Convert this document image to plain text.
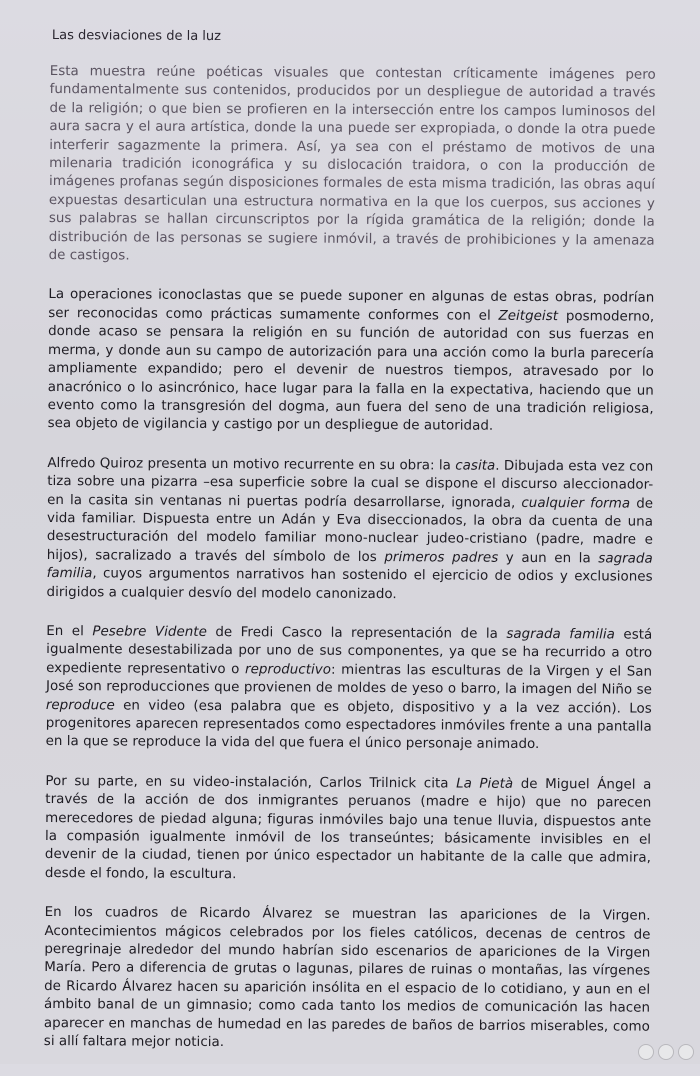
Las desviaciones de la luz

Esta muestra reúne poéticas visuales que contestan críticamente imágenes pero fundamentalmente sus contenidos, producidos por un despliegue de autoridad a través de la religión; o que bien se profieren en la intersección entre los campos luminosos del aura sacra y el aura artística, donde la una puede ser expropiada, o donde la otra puede interferir sagazmente la primera. Así, ya sea con el préstamo de motivos de una milenaria tradición iconográfica y su dislocación traidora, o con la producción de imágenes profanas según disposiciones formales de esta misma tradición, las obras aquí expuestas desarticulan una estructura normativa en la que los cuerpos, sus acciones y sus palabras se hallan circunscriptos por la rígida gramática de la religión; donde la distribución de las personas se sugiere inmóvil, a través de prohibiciones y la amenaza de castigos.

La operaciones iconoclastas que se puede suponer en algunas de estas obras, podrían ser reconocidas como prácticas sumamente conformes con el Zeitgeist posmoderno, donde acaso se pensara la religión en su función de autoridad con sus fuerzas en merma, y donde aun su campo de autorización para una acción como la burla parecería ampliamente expandido; pero el devenir de nuestros tiempos, atravesado por lo anacrónico o lo asincrónico, hace lugar para la falla en la expectativa, haciendo que un evento como la transgresión del dogma, aun fuera del seno de una tradición religiosa, sea objeto de vigilancia y castigo por un despliegue de autoridad.

Alfredo Quiroz presenta un motivo recurrente en su obra: la casita. Dibujada esta vez con tiza sobre una pizarra –esa superficie sobre la cual se dispone el discurso aleccionador- en la casita sin ventanas ni puertas podría desarrollarse, ignorada, cualquier forma de vida familiar. Dispuesta entre un Adán y Eva diseccionados, la obra da cuenta de una desestructuración del modelo familiar mono-nuclear judeo-cristiano (padre, madre e hijos), sacralizado a través del símbolo de los primeros padres y aun en la sagrada familia, cuyos argumentos narrativos han sostenido el ejercicio de odios y exclusiones dirigidos a cualquier desvío del modelo canonizado.

En el Pesebre Vidente de Fredi Casco la representación de la sagrada familia está igualmente desestabilizada por uno de sus componentes, ya que se ha recurrido a otro expediente representativo o reproductivo: mientras las esculturas de la Virgen y el San José son reproducciones que provienen de moldes de yeso o barro, la imagen del Niño se reproduce en video (esa palabra que es objeto, dispositivo y a la vez acción). Los progenitores aparecen representados como espectadores inmóviles frente a una pantalla en la que se reproduce la vida del que fuera el único personaje animado.

Por su parte, en su video-instalación, Carlos Trilnick cita La Pietà de Miguel Ángel a través de la acción de dos inmigrantes peruanos (madre e hijo) que no parecen merecedores de piedad alguna; figuras inmóviles bajo una tenue lluvia, dispuestos ante la compasión igualmente inmóvil de los transeúntes; básicamente invisibles en el devenir de la ciudad, tienen por único espectador un habitante de la calle que admira, desde el fondo, la escultura.

En los cuadros de Ricardo Álvarez se muestran las apariciones de la Virgen. Acontecimientos mágicos celebrados por los fieles católicos, decenas de centros de peregrinaje alrededor del mundo habrían sido escenarios de apariciones de la Virgen María. Pero a diferencia de grutas o lagunas, pilares de ruinas o montañas, las vírgenes de Ricardo Álvarez hacen su aparición insólita en el espacio de lo cotidiano, y aun en el ámbito banal de un gimnasio; como cada tanto los medios de comunicación las hacen aparecer en manchas de humedad en las paredes de baños de barrios miserables, como si allí faltara mejor noticia.
